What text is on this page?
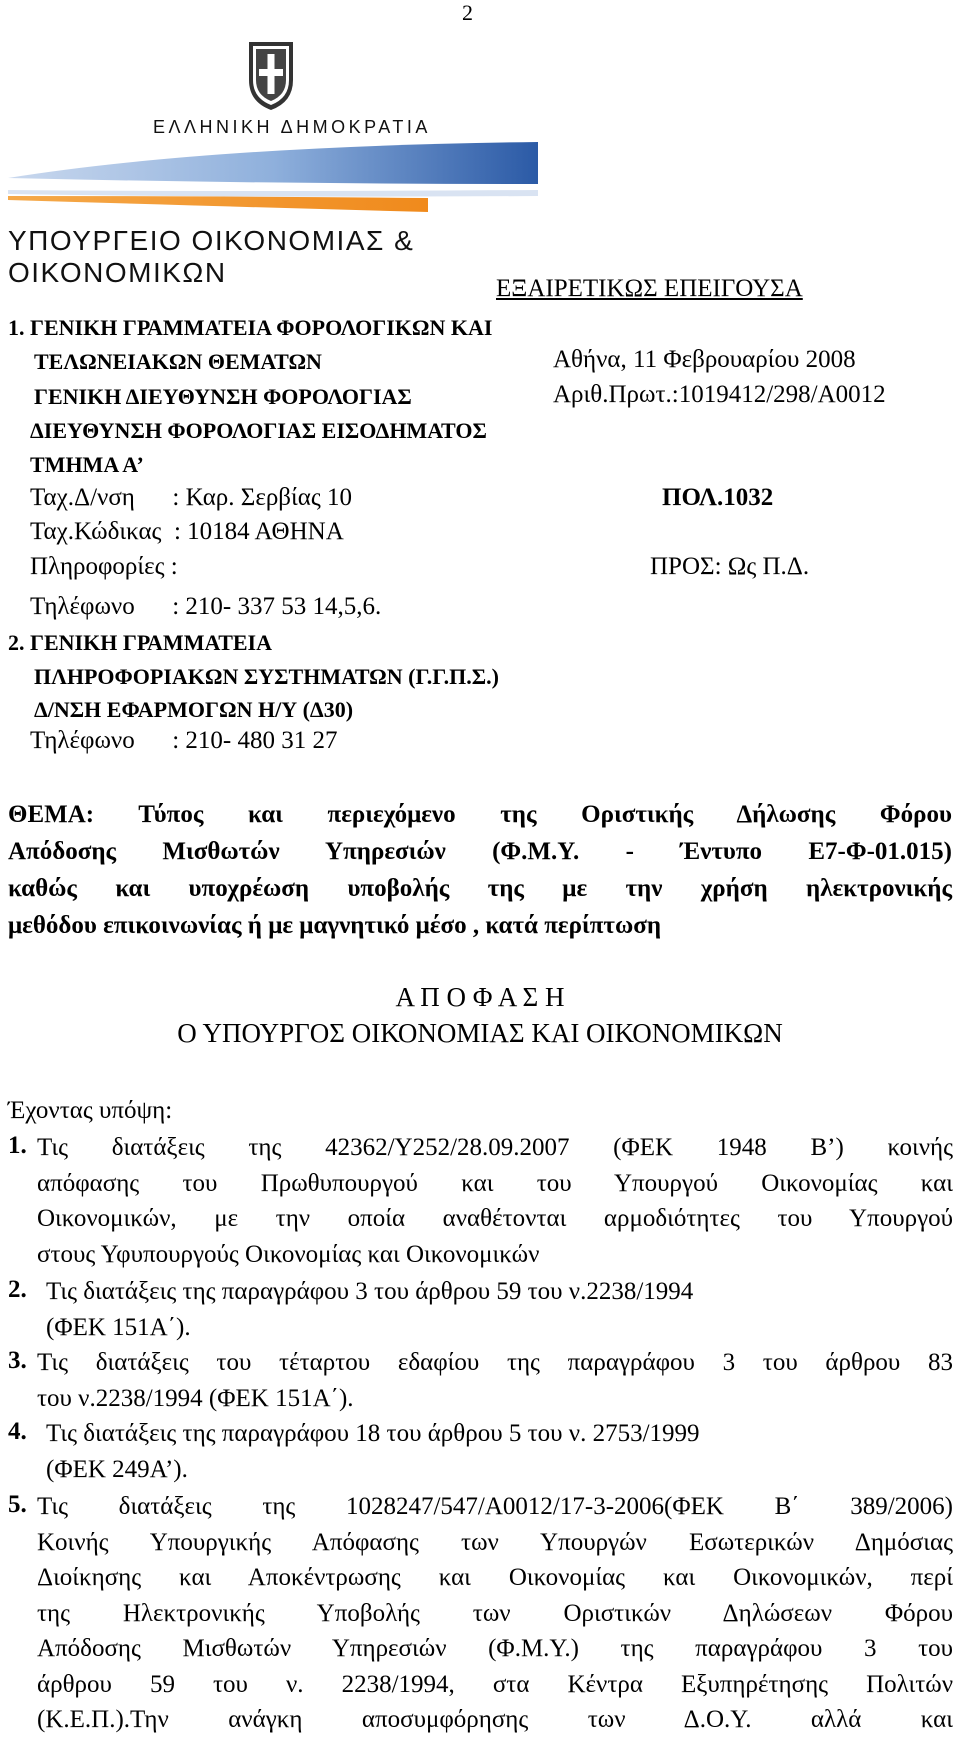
2
ΕΛΛΗΝΙΚΗ ΔΗΜΟΚΡΑΤΙΑ
ΥΠΟΥΡΓΕΙΟ ΟΙΚΟΝΟΜΙΑΣ & ΟΙΚΟΝΟΜΙΚΩΝ
ΕΞΑΙΡΕΤΙΚΩΣ ΕΠΕΙΓΟΥΣΑ
1. ΓΕΝΙΚΗ ΓΡΑΜΜΑΤΕΙΑ ΦΟΡΟΛΟΓΙΚΩΝ ΚΑΙ
ΤΕΛΩΝΕΙΑΚΩΝ ΘΕΜΑΤΩΝ
ΓΕΝΙΚΗ ΔΙΕΥΘΥΝΣΗ ΦΟΡΟΛΟΓΙΑΣ
ΔΙΕΥΘΥΝΣΗ ΦΟΡΟΛΟΓΙΑΣ ΕΙΣΟΔΗΜΑΤΟΣ
ΤΜΗΜΑ Α’
Αθήνα, 11 Φεβρουαρίου 2008
Αριθ.Πρωτ.:1019412/298/Α0012
Ταχ.Δ/νση      : Καρ. Σερβίας 10	ΠΟΛ.1032
Ταχ.Κώδικας  : 10184 ΑΘΗΝΑ
Πληροφορίες :	ΠΡΟΣ: Ως Π.Δ.
Τηλέφωνο      : 210- 337 53 14,5,6.
2. ΓΕΝΙΚΗ ΓΡΑΜΜΑΤΕΙΑ
ΠΛΗΡΟΦΟΡΙΑΚΩΝ ΣΥΣΤΗΜΑΤΩΝ (Γ.Γ.Π.Σ.)
Δ/ΝΣΗ ΕΦΑΡΜΟΓΩΝ Η/Υ (Δ30)
Τηλέφωνο      : 210- 480 31 27
ΘΕΜΑ: Τύπος και περιεχόμενο της Οριστικής Δήλωσης Φόρου
Απόδοσης Μισθωτών Υπηρεσιών (Φ.Μ.Υ. - Έντυπο Ε7-Φ-01.015)
καθώς και υποχρέωση υποβολής της με την χρήση ηλεκτρονικής
μεθόδου επικοινωνίας ή με μαγνητικό μέσο , κατά περίπτωση
Α Π Ο Φ Α Σ Η
Ο ΥΠΟΥΡΓΟΣ ΟΙΚΟΝΟΜΙΑΣ ΚΑΙ ΟΙΚΟΝΟΜΙΚΩΝ
Έχοντας υπόψη:
1. Τις διατάξεις της 42362/Υ252/28.09.2007 (ΦΕΚ 1948 Β’) κοινής
απόφασης του Πρωθυπουργού και του Υπουργού Οικονομίας και
Οικονομικών, με την οποία αναθέτονται αρμοδιότητες του Υπουργού
στους Υφυπουργούς Οικονομίας και Οικονομικών
2. Τις διατάξεις της παραγράφου 3 του άρθρου 59 του ν.2238/1994
(ΦΕΚ 151Α΄).
3. Τις διατάξεις του τέταρτου εδαφίου της παραγράφου 3 του άρθρου 83
του ν.2238/1994 (ΦΕΚ 151Α΄).
4. Τις διατάξεις της παραγράφου 18 του άρθρου 5 του ν. 2753/1999
(ΦΕΚ 249Α’).
5. Τις διατάξεις της 1028247/547/Α0012/17-3-2006(ΦΕΚ Β΄ 389/2006)
Κοινής Υπουργικής Απόφασης των Υπουργών Εσωτερικών Δημόσιας
Διοίκησης και Αποκέντρωσης και Οικονομίας και Οικονομικών, περί
της Ηλεκτρονικής Υποβολής των Οριστικών Δηλώσεων Φόρου
Απόδοσης Μισθωτών Υπηρεσιών (Φ.Μ.Υ.) της παραγράφου 3 του
άρθρου 59 του ν. 2238/1994, στα Κέντρα Εξυπηρέτησης Πολιτών
(Κ.Ε.Π.).Την ανάγκη αποσυμφόρησης των Δ.Ο.Υ. αλλά και
